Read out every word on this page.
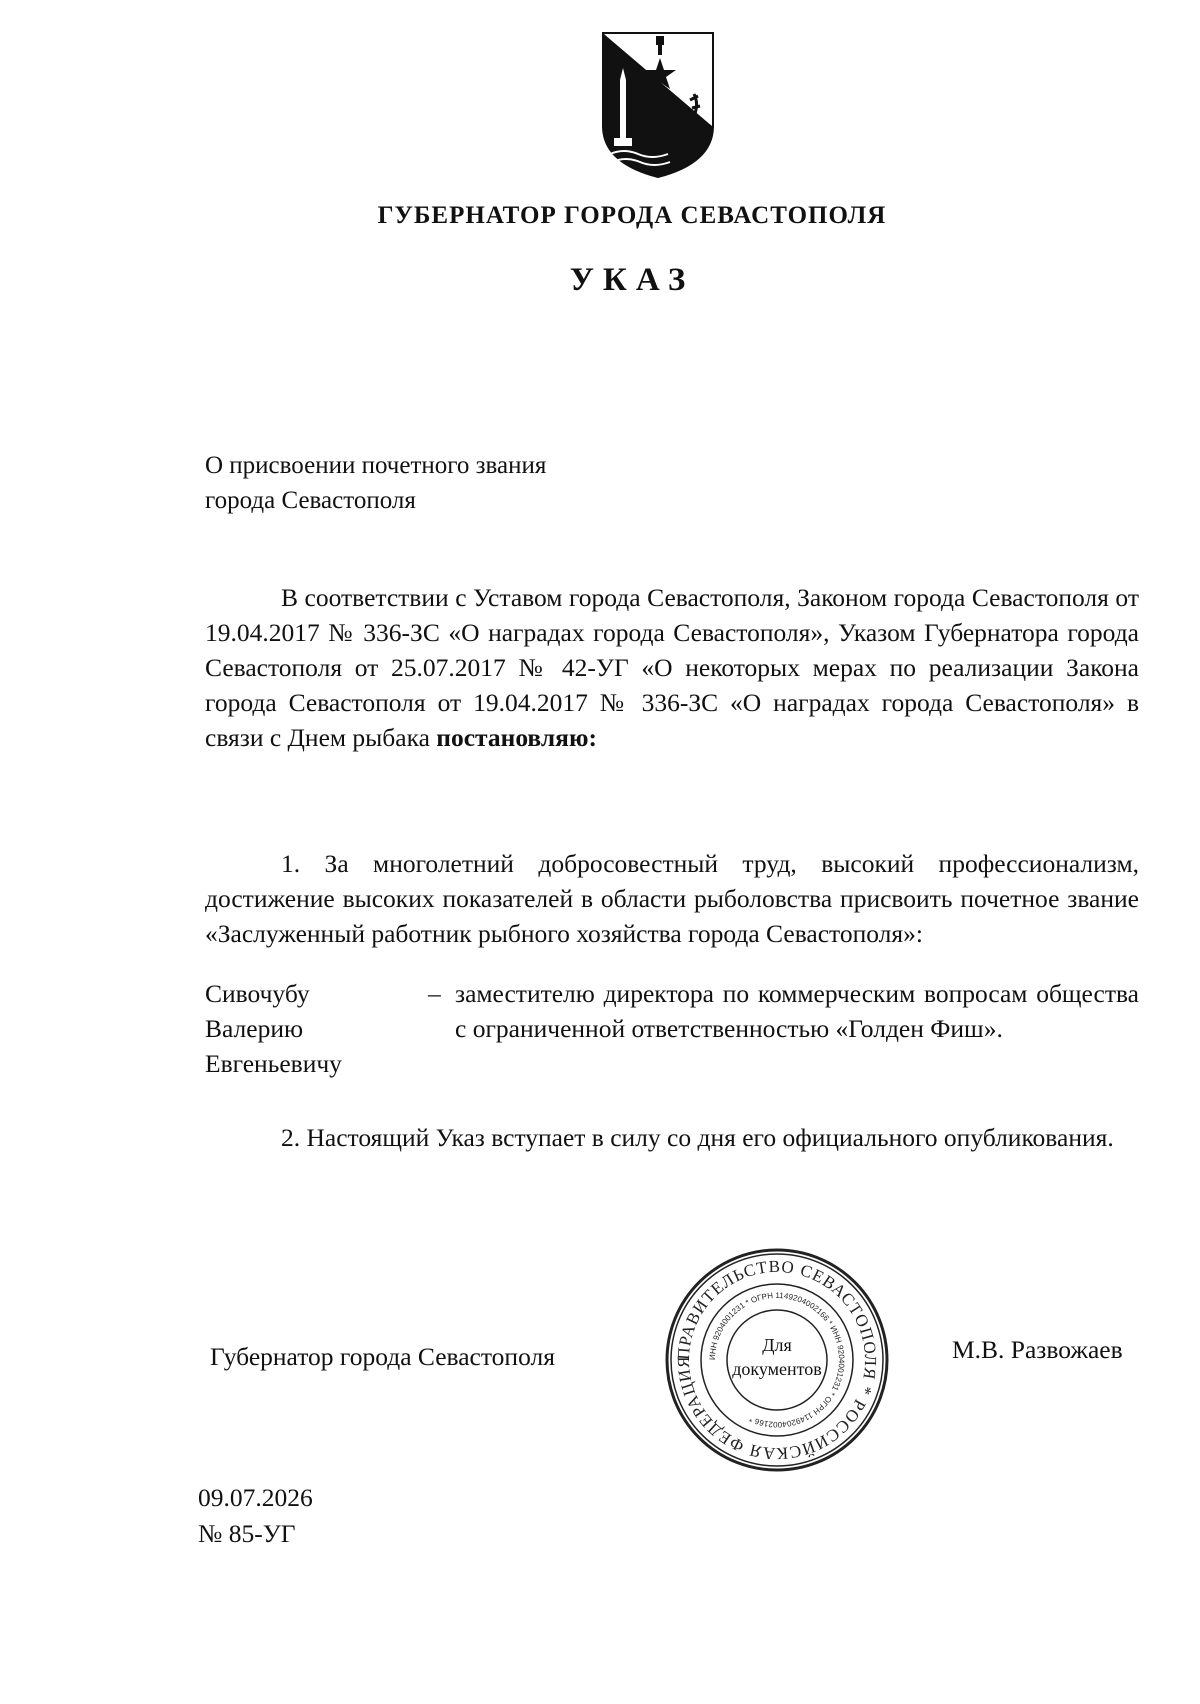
ГУБЕРНАТОР ГОРОДА СЕВАСТОПОЛЯ
УКАЗ
О присвоении почетного звания
города Севастополя
В соответствии с Уставом города Севастополя, Законом города Севастополя от 19.04.2017 № 336-ЗС «О наградах города Севастополя», Указом Губернатора города Севастополя от 25.07.2017 № 42-УГ «О некоторых мерах по реализации Закона города Севастополя от 19.04.2017 № 336-ЗС «О наградах города Севастополя» в связи с Днем рыбака постановляю:
1. За многолетний добросовестный труд, высокий профессионализм, достижение высоких показателей в области рыболовства присвоить почетное звание «Заслуженный работник рыбного хозяйства города Севастополя»:
Сивочубу
Валерию
Евгеньевичу
– заместителю директора по коммерческим вопросам общества с ограниченной ответственностью «Голден Фиш».
2. Настоящий Указ вступает в силу со дня его официального опубликования.
Губернатор города Севастополя	ПРАВИТЕЛЬСТВО СЕВАСТОПОЛЯ * РОССИЙСКАЯ ФЕДЕРАЦИЯ	ИНН 9204001231 * ОГРН 1149204002166 * ИНН 9204001231 * ОГРН 1149204002166 *
Для
документов
М.В. Развожаев
09.07.2026
№ 85-УГ
